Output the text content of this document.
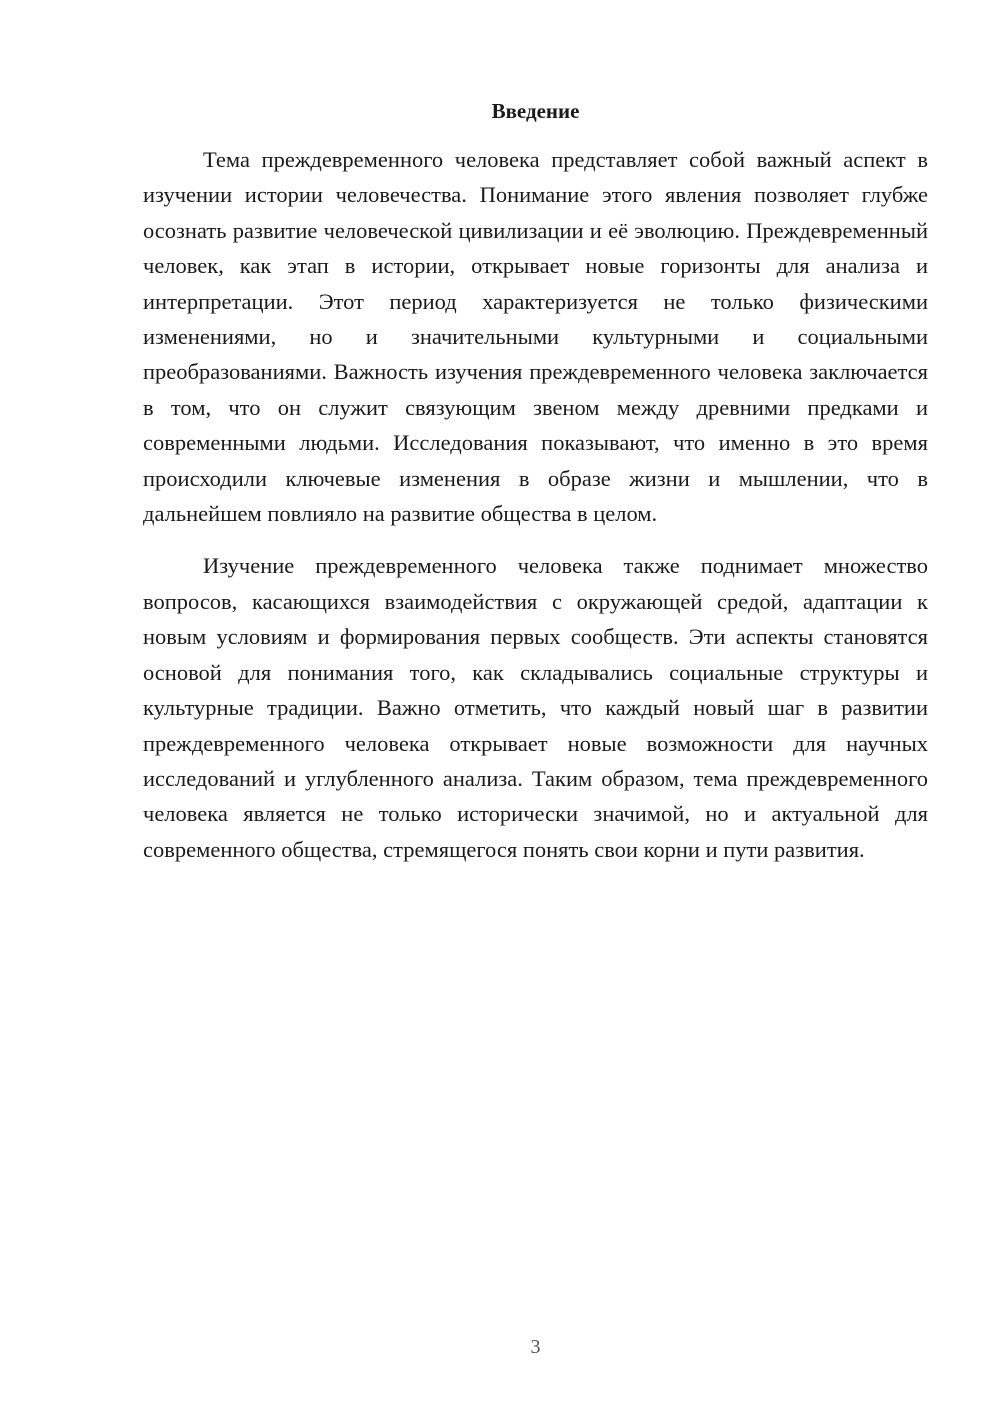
Введение

Тема преждевременного человека представляет собой важный аспект в изучении истории человечества. Понимание этого явления позволяет глубже осознать развитие человеческой цивилизации и её эволюцию. Преждевременный человек, как этап в истории, открывает новые горизонты для анализа и интерпретации. Этот период характеризуется не только физическими изменениями, но и значительными культурными и социальными преобразованиями. Важность изучения преждевременного человека заключается в том, что он служит связующим звеном между древними предками и современными людьми. Исследования показывают, что именно в это время происходили ключевые изменения в образе жизни и мышлении, что в дальнейшем повлияло на развитие общества в целом.

Изучение преждевременного человека также поднимает множество вопросов, касающихся взаимодействия с окружающей средой, адаптации к новым условиям и формирования первых сообществ. Эти аспекты становятся основой для понимания того, как складывались социальные структуры и культурные традиции. Важно отметить, что каждый новый шаг в развитии преждевременного человека открывает новые возможности для научных исследований и углубленного анализа. Таким образом, тема преждевременного человека является не только исторически значимой, но и актуальной для современного общества, стремящегося понять свои корни и пути развития.

3
